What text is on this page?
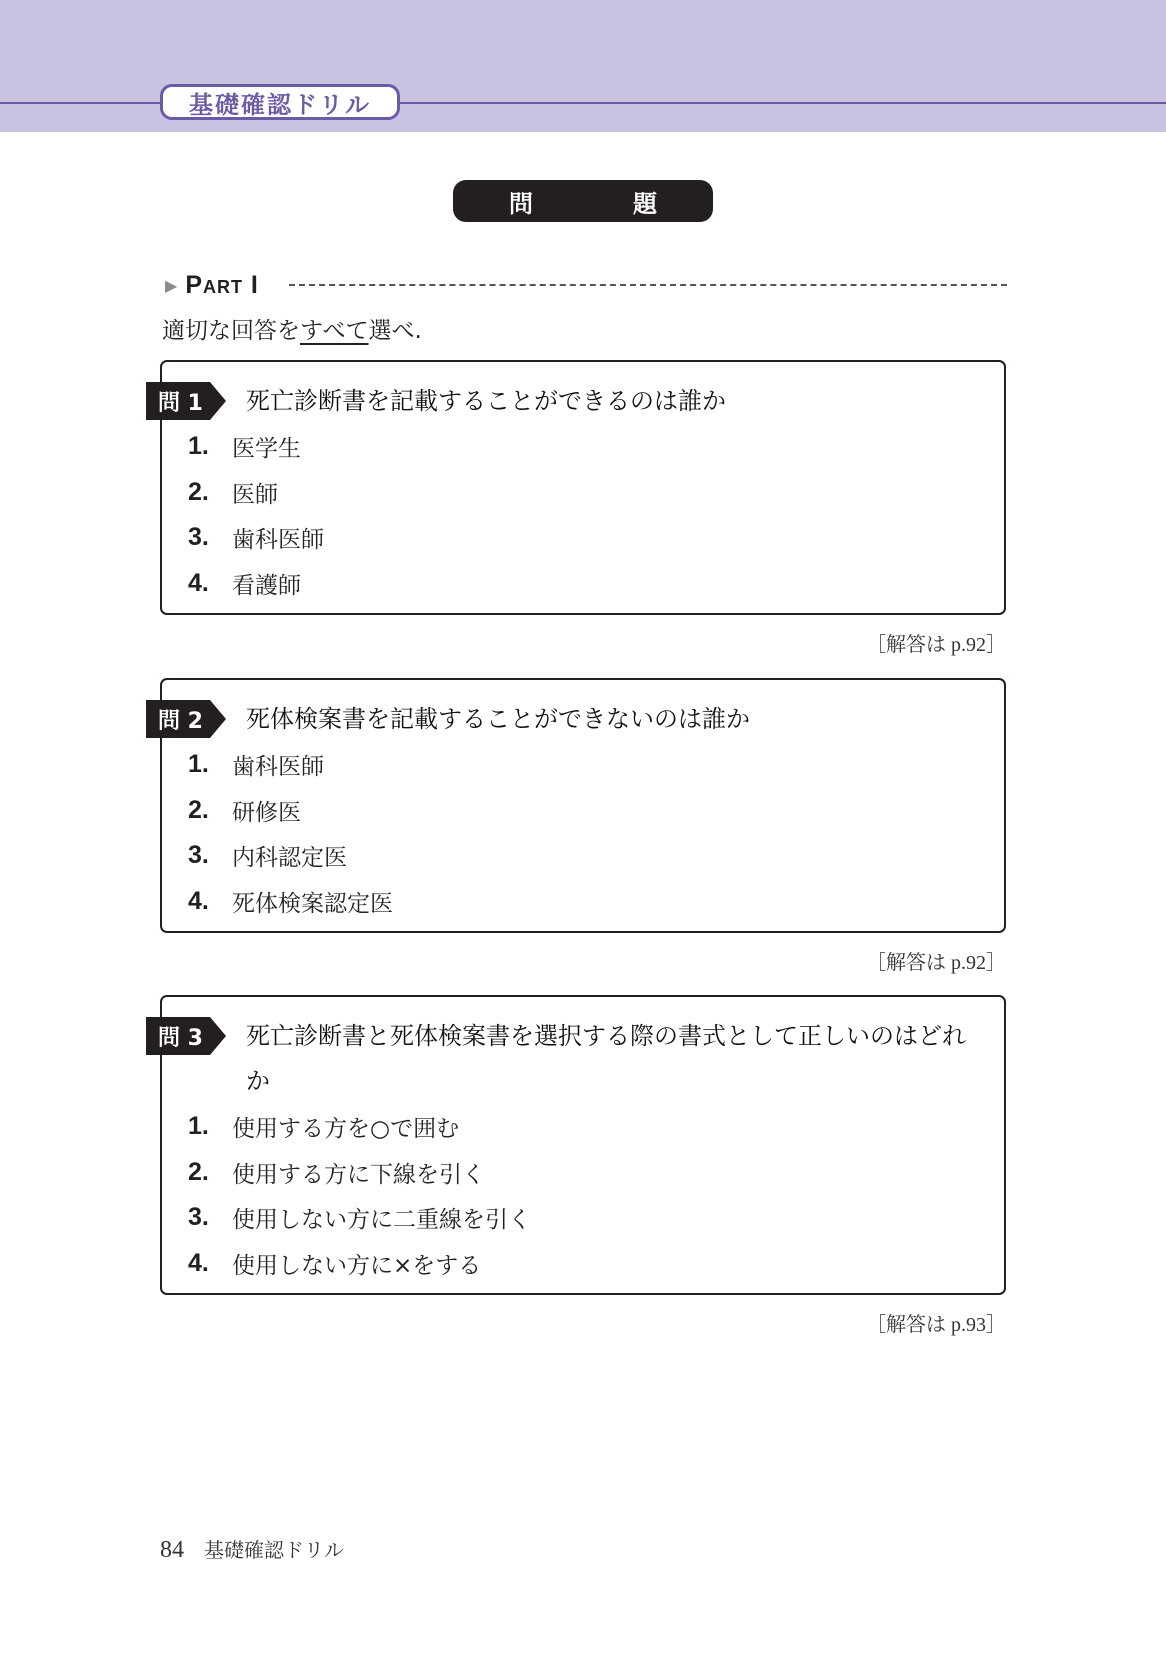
基礎確認ドリル
問　題
▶ Part I
適切な回答をすべて選べ.
問 1 死亡診断書を記載することができるのは誰か
1.	医学生
2.	医師
3.	歯科医師
4.	看護師
［解答は p.92］
問 2 死体検案書を記載することができないのは誰か
1.	歯科医師
2.	研修医
3.	内科認定医
4.	死体検案認定医
［解答は p.92］
問 3 死亡診断書と死体検案書を選択する際の書式として正しいのはどれか
1.	使用する方を○で囲む
2.	使用する方に下線を引く
3.	使用しない方に二重線を引く
4.	使用しない方に×をする
［解答は p.93］
84 基礎確認ドリル
